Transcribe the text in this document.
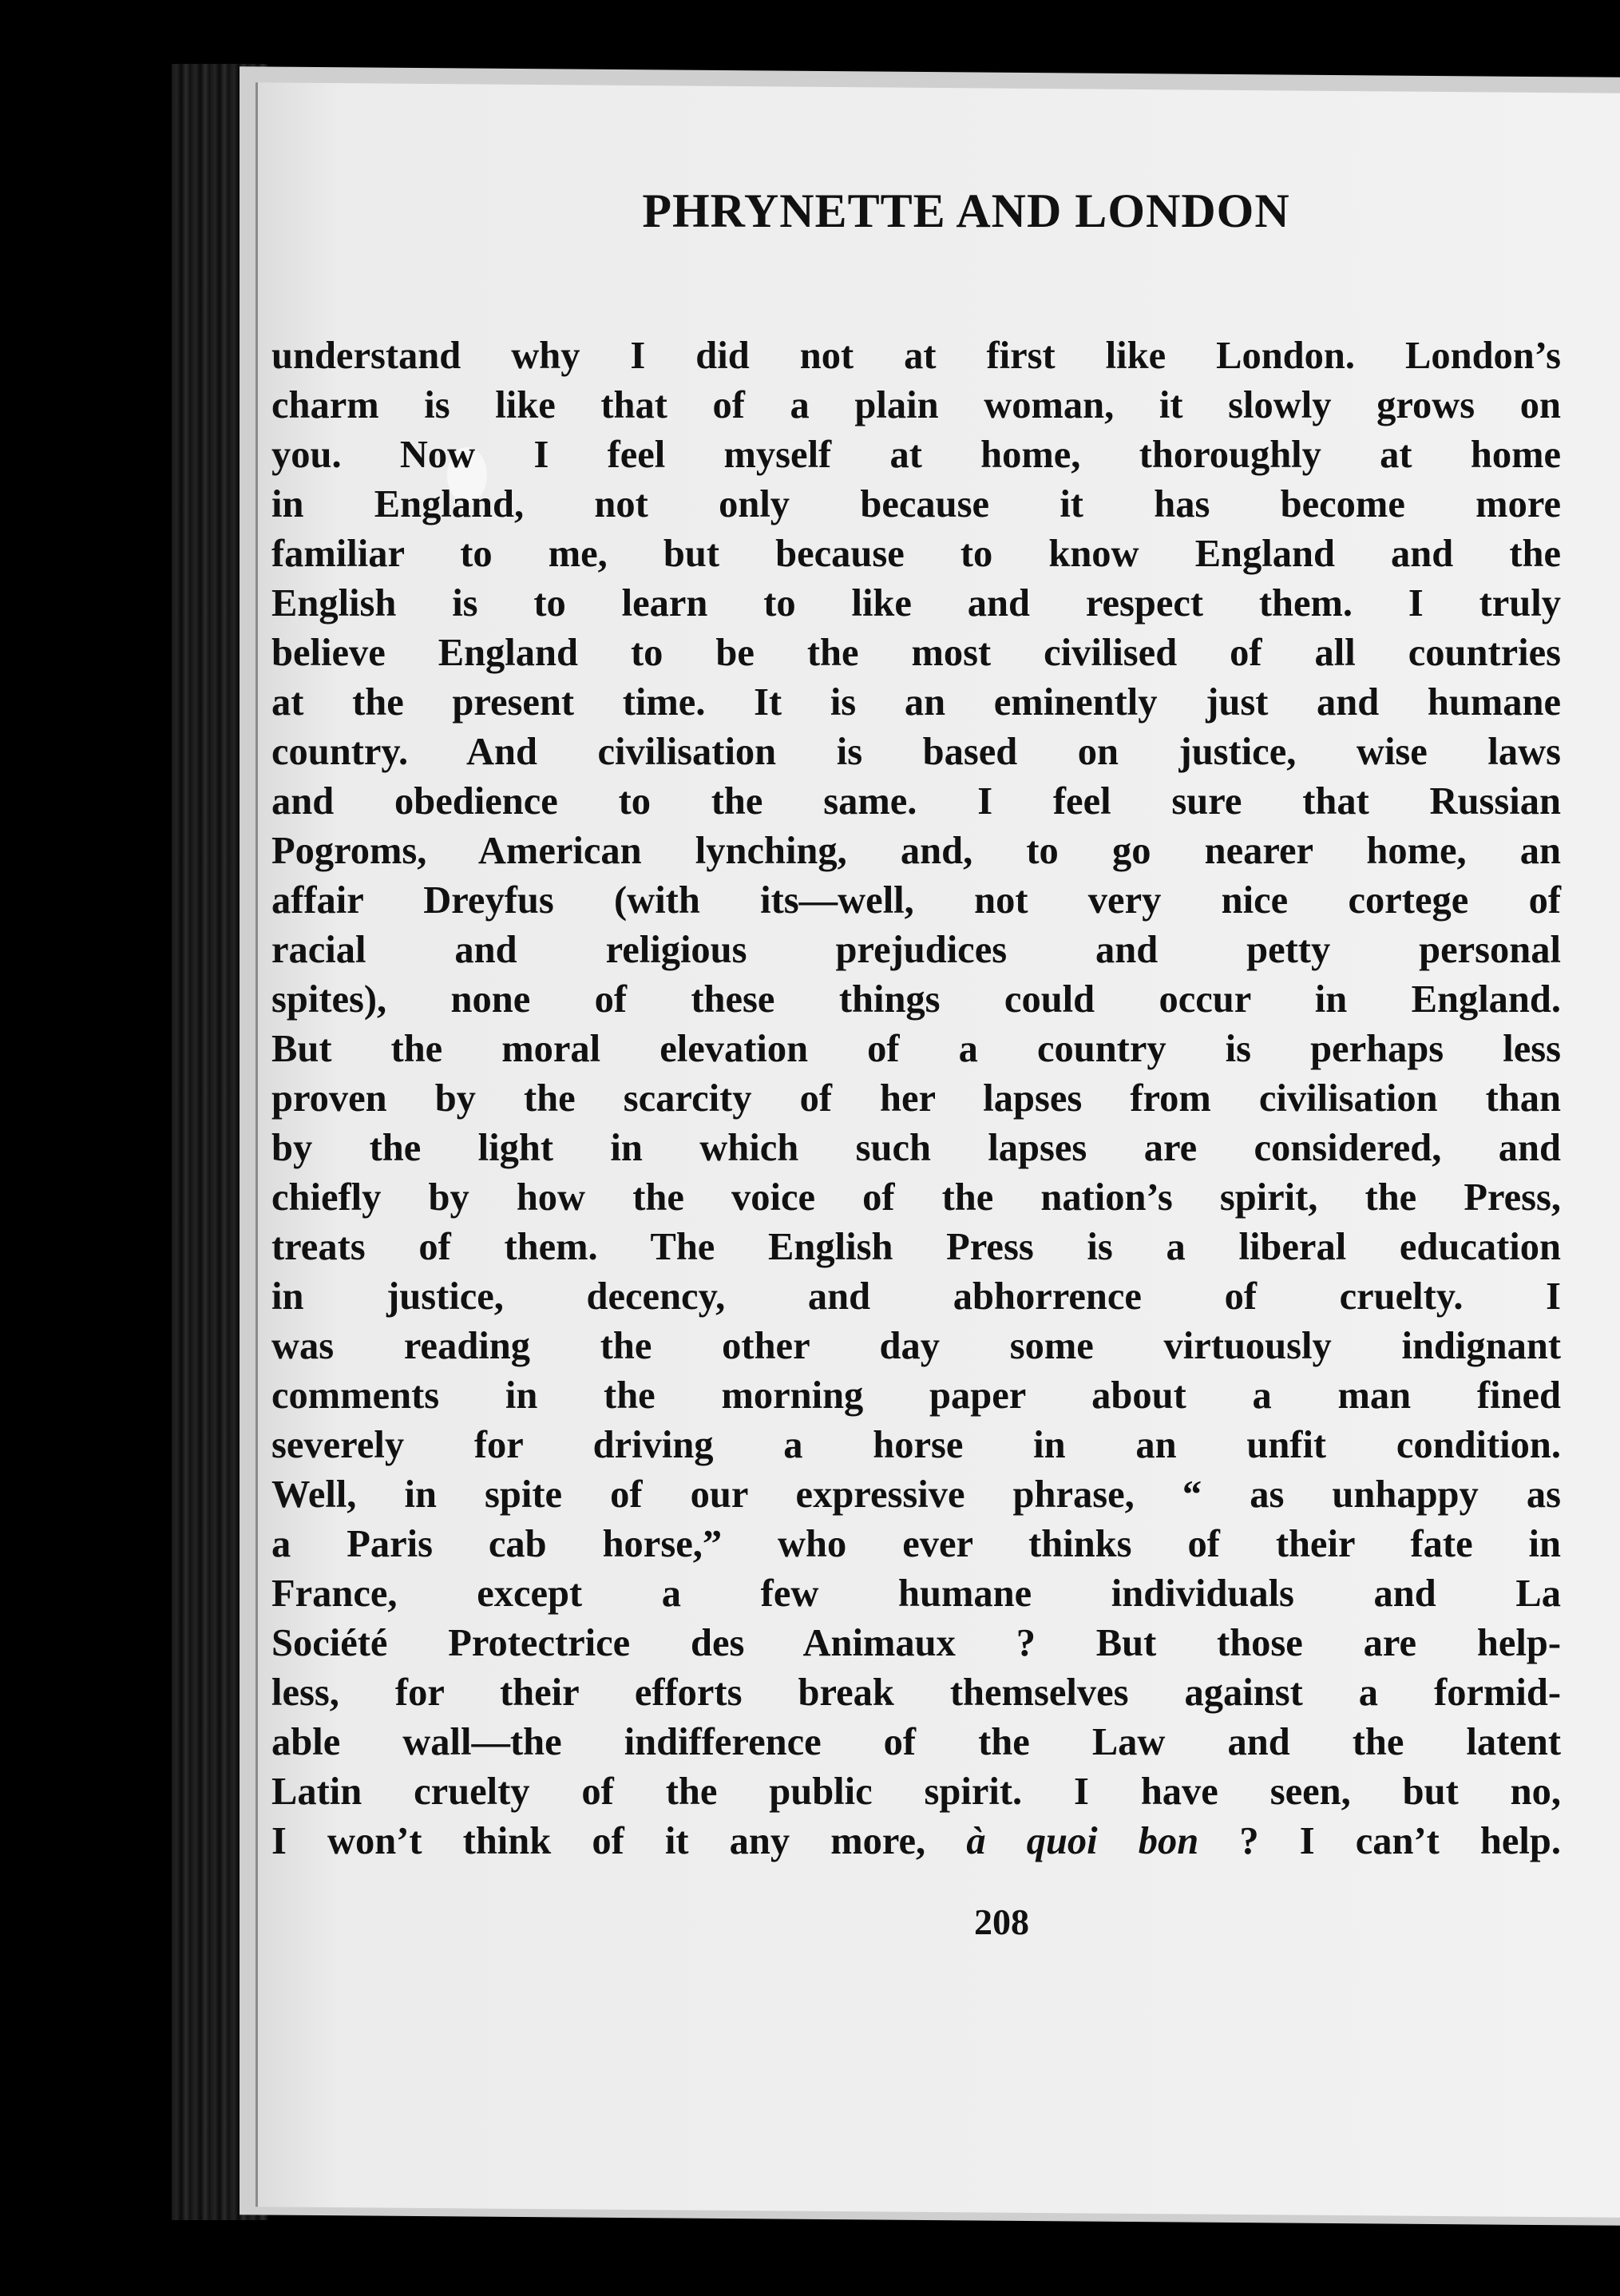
PHRYNETTE AND LONDON
understand why I did not at first like London. London’s
charm is like that of a plain woman, it slowly grows on
you. Now I feel myself at home, thoroughly at home
in England, not only because it has become more
familiar to me, but because to know England and the
English is to learn to like and respect them. I truly
believe England to be the most civilised of all countries
at the present time. It is an eminently just and humane
country. And civilisation is based on justice, wise laws
and obedience to the same. I feel sure that Russian
Pogroms, American lynching, and, to go nearer home, an
affair Dreyfus (with its—well, not very nice cortege of
racial and religious prejudices and petty personal
spites), none of these things could occur in England.
But the moral elevation of a country is perhaps less
proven by the scarcity of her lapses from civilisation than
by the light in which such lapses are considered, and
chiefly by how the voice of the nation’s spirit, the Press,
treats of them. The English Press is a liberal education
in justice, decency, and abhorrence of cruelty. I
was reading the other day some virtuously indignant
comments in the morning paper about a man fined
severely for driving a horse in an unfit condition.
Well, in spite of our expressive phrase, “ as unhappy as
a Paris cab horse,” who ever thinks of their fate in
France, except a few humane individuals and La
Société Protectrice des Animaux ? But those are help-
less, for their efforts break themselves against a formid-
able wall—the indifference of the Law and the latent
Latin cruelty of the public spirit. I have seen, but no,
I won’t think of it any more, à quoi bon ? I can’t help.
208
